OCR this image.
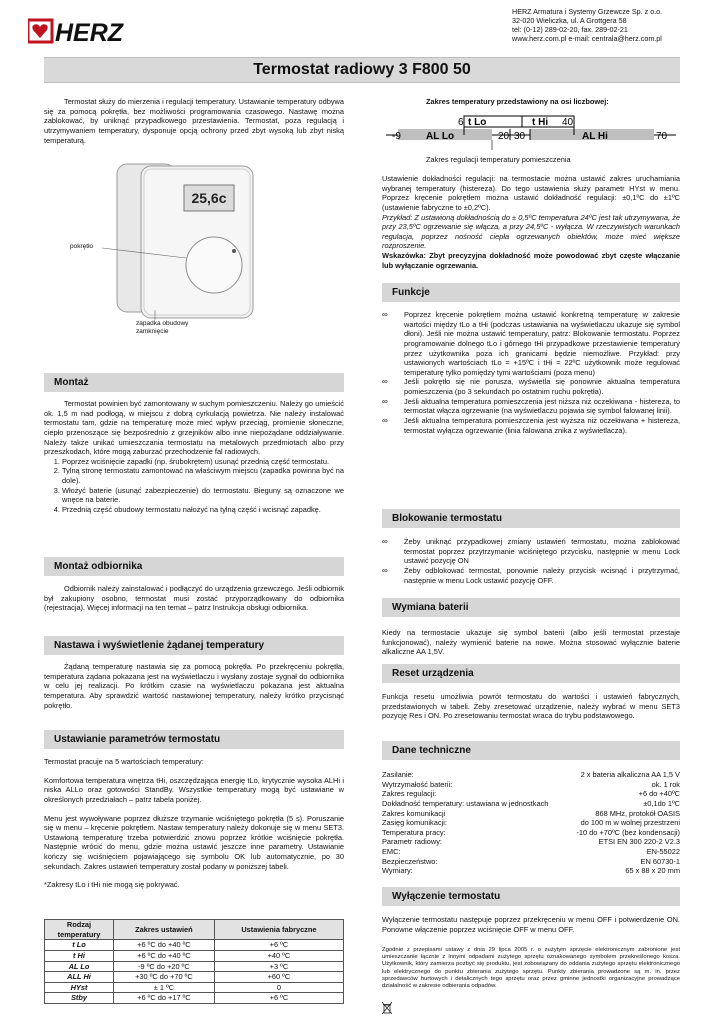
HERZ
HERZ Armatura i Systemy Grzewcze Sp. z o.o.
32-020 Wieliczka, ul. A Grottgera 58
tel: (0-12) 289-02-20, fax. 289-02-21
www.herz.com.pl e-mail: centrala@herz.com.pl
Termostat radiowy 3 F800 50

Termostat służy do mierzenia i regulacji temperatury. Ustawianie temperatury odbywa się za pomocą pokrętła, bez możliwości programowania czasowego. Nastawę można zablokować, by uniknąć przypadkowego przestawienia. Termostat, poza regulacją i utrzymywaniem temperatury, dysponuje opcją ochrony przed zbyt wysoką lub zbyt niską temperaturą.

25,6c
pokrętło
zapadka obudowy zamknięcie
Montaż

Termostat powinien być zamontowany w suchym pomieszczeniu. Należy go umieścić ok. 1,5 m nad podłogą, w miejscu z dobrą cyrkulacją powietrza. Nie należy instalować termostatu tam, gdzie na temperaturę może mieć wpływ przeciąg, promienie słoneczne, ciepło przenoszące się bezpośrednio z grzejników albo inne niepożądane oddziaływanie. Należy także unikać umieszczania termostatu na metalowych przedmiotach albo przy przeszkodach, które mogą zaburzać przechodzenie fal radiowych.

1. Poprzez wciśnięcie zapadki (np. śrubokrętem) usunąć przednią część termostatu.
2. Tylną stronę termostatu zamontować na właściwym miejscu (zapadka powinna być na dole).
3. Włożyć baterie (usunąć zabezpieczenie) do termostatu. Bieguny są oznaczone we wnęce na baterie.
4. Przednią część obudowy termostatu nałożyć na tylną część i wcisnąć zapadkę.
Montaż odbiornika

Odbiornik należy zainstalować i podłączyć do urządzenia grzewczego. Jeśli odbiornik był zakupiony osobno, termostat musi zostać przyporządkowany do odbiornika (rejestracja). Więcej informacji na ten temat – patrz Instrukcja obsługi odbiornika.

Nastawa i wyświetlenie żądanej temperatury

Żądaną temperaturę nastawia się za pomocą pokrętła. Po przekręceniu pokrętła, temperatura żądana pokazana jest na wyświetlaczu i wysłany zostaje sygnał do odbiornika w celu jej realizacji. Po krótkim czasie na wyświetlaczu pokazana jest aktualna temperatura. Aby sprawdzić wartość nastawionej temperatury, należy krótko przycisnąć pokrętło.

Ustawianie parametrów termostatu

Termostat pracuje na 5 wartościach temperatury:

Komfortowa temperatura wnętrza tHi, oszczędzająca energię tLo, krytycznie wysoka ALHi i niska ALLo oraz gotowości StandBy. Wszystkie temperatury mogą być ustawiane w określonych przedziałach – patrz tabela poniżej.

Menu jest wywoływane poprzez dłuższe trzymanie wciśniętego pokrętła (5 s). Poruszanie się w menu – kręcenie pokrętłem. Nastaw temperatury należy dokonuje się w menu SET3. Ustawioną temperaturę trzeba potwierdzić znowu poprzez krótkie wciśnięcie pokrętła. Następnie wrócić do menu, gdzie można ustawić jeszcze inne parametry. Ustawianie kończy się wciśnięciem pojawiającego się symbolu OK lub automatycznie, po 30 sekundach. Zakres ustawień temperatury został podany w poniższej tabeli.

*Zakresy tLo i tHi nie mogą się pokrywać.

Rodzaj temperatury	Zakres ustawień	Ustawienia fabryczne
t Lo	+6 ºC do +40 ºC	+6 ºC
t Hi	+6 ºC do +40 ºC	+40 ºC
AL Lo	-9 ºC do +20 ºC	+3 ºC
ALL Hi	+30 ºC do +70 ºC	+60 ºC
HYst	± 1 ºC	0
Stby	+6 ºC do +17 ºC	+6 ºC
Zakres temperatury przedstawiony na osi liczbowej:
6 t Lo	t Hi 40
-9	AL Lo	20 30	AL Hi	70
Zakres regulacji temperatury pomieszczenia

Ustawienie dokładności regulacji: na termostacie można ustawić zakres uruchamiania wybranej temperatury (histereza). Do tego ustawienia służy parametr HYst w menu. Poprzez kręcenie pokrętłem można ustawić dokładność regulacji: ±0,1ºC do ±1ºC (ustawienie fabryczne to ±0,2ºC).

Przykład: Z ustawioną dokładnością do ± 0,5ºC temperatura 24ºC jest tak utrzymywana, że przy 23,5ºC ogrzewanie się włącza, a przy 24,5ºC - wyłącza. W rzeczywistych warunkach regulacja, poprzez nośność ciepła ogrzewanych obiektów, może mieć większe rozproszenie.

Wskazówka: Zbyt precyzyjna dokładność może powodować zbyt częste włączanie lub wyłączanie ogrzewania.

Funkcje
∞ Poprzez kręcenie pokrętłem można ustawić konkretną temperaturę w zakresie wartości między tLo a tHi (podczas ustawiania na wyświetlaczu ukazuje się symbol dłoni). Jeśli nie można ustawić temperatury, patrz: Blokowanie termostatu. Poprzez programowanie dolnego tLo i górnego tHi przypadkowe przestawienie temperatury przez użytkownika poza ich granicami będzie niemożliwe. Przykład: przy ustawionych wartościach tLo = +15ºC i tHi = 22ºC użytkownik może regulować temperaturę tylko pomiędzy tymi wartościami (poza menu)
∞ Jeśli pokrętło się nie porusza, wyświetla się ponownie aktualna temperatura pomieszczenia (po 3 sekundach po ostatnim ruchu pokrętła).
∞ Jeśli aktualna temperatura pomieszczenia jest niższa niż oczekiwana - histereza, to termostat włącza ogrzewanie (na wyświetlaczu pojawia się symbol falowanej linii).
∞ Jeśli aktualna temperatura pomieszczenia jest wyższa niż oczekiwana + histereza, termostat wyłącza ogrzewanie (linia falowana znika z wyświetlacza).
Blokowanie termostatu
∞ Żeby uniknąć przypadkowej zmiany ustawień termostatu, można zablokować termostat poprzez przytrzymanie wciśniętego przycisku, następnie w menu Lock ustawić pozycję ON
∞ Żeby odblokować termostat, ponownie należy przycisk wcisnąć i przytrzymać, następnie w menu Lock ustawić pozycję OFF.
Wymiana baterii

Kiedy na termostacie ukazuje się symbol baterii (albo jeśli termostat przestaje funkcjonować), należy wymienić baterie na nowe. Można stosować wyłącznie baterie alkaliczne AA 1,5V.

Reset urządzenia

Funkcja resetu umożliwia powrót termostatu do wartości i ustawień fabrycznych, przedstawionych w tabeli. Żeby zresetować urządzenie, należy wybrać w menu SET3 pozycję Res i ON. Po zresetowaniu termostat wraca do trybu podstawowego.

Dane techniczne
Zasilanie:	2 x bateria alkaliczna AA 1,5 V
Wytrzymałość baterii:	ok. 1 rok
Zakres regulacji:	+6 do +40ºC
Dokładność temperatury: ustawiana w jednostkach	±0,1do 1ºC
Zakres komunikacji	868 MHz, protokół OASIS
Zasięg komunikacji:	do 100 m w wolnej przestrzeni
Temperatura pracy:	-10 do +70ºC (bez kondensacji)
Parametr radiowy:	ETSI EN 300 220-2 V2.3
EMC:	EN-55022
Bezpieczeństwo:	EN 60730-1
Wymiary:	65 x 88 x 20 mm
Wyłączenie termostatu

Wyłączenie termostatu następuje poprzez przekręceniu w menu OFF i potwierdzenie ON. Ponowne włączenie poprzez wciśnięcie OFF w menu OFF.

Zgodnie z przepisami ustawy z dnia 29 lipca 2005 r. o zużytym sprzęcie elektronicznym zabronione jest umieszczanie łącznie z innymi odpadami zużytego sprzętu oznakowanego symbolem przekreślonego kosza. Użytkownik, który zamierza pozbyć się produktu, jest zobowiązany do oddania zużytego sprzętu elektronicznego lub elektrycznego do punktu zbierania zużytego sprzętu. Punkty zbierania prowadzone są m. in. przez sprzedawców hurtowych i detalicznych tego sprzętu oraz przez gminne jednostki organizacyjne prowadzące działalność w zakresie odbierania odpadów.
